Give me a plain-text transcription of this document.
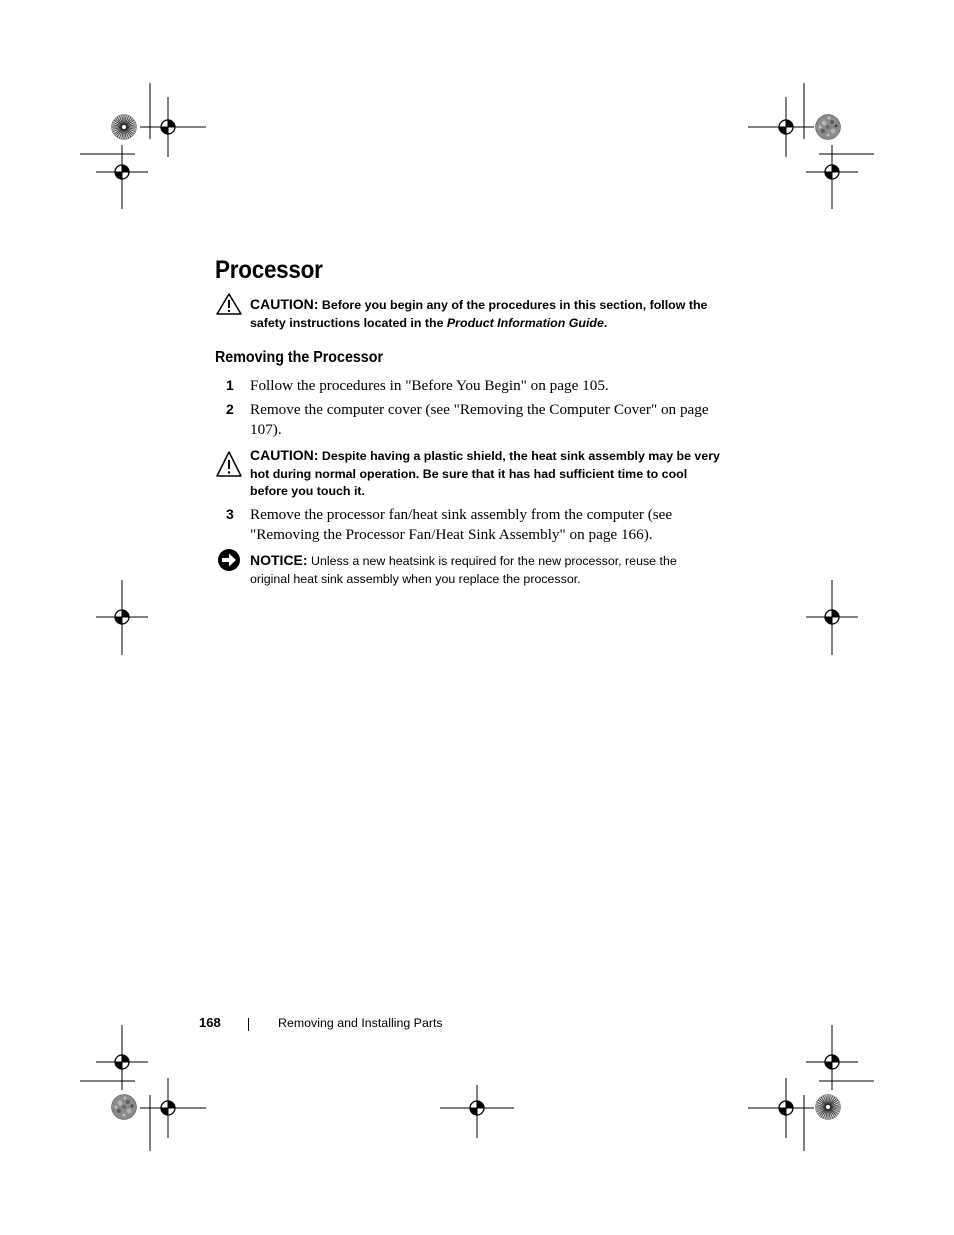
Processor
CAUTION: Before you begin any of the procedures in this section, follow the safety instructions located in the Product Information Guide.
Removing the Processor
1 Follow the procedures in "Before You Begin" on page 105.
2 Remove the computer cover (see "Removing the Computer Cover" on page 107).
CAUTION: Despite having a plastic shield, the heat sink assembly may be very hot during normal operation. Be sure that it has had sufficient time to cool before you touch it.
3 Remove the processor fan/heat sink assembly from the computer (see "Removing the Processor Fan/Heat Sink Assembly" on page 166).
NOTICE: Unless a new heatsink is required for the new processor, reuse the original heat sink assembly when you replace the processor.
168	Removing and Installing Parts
